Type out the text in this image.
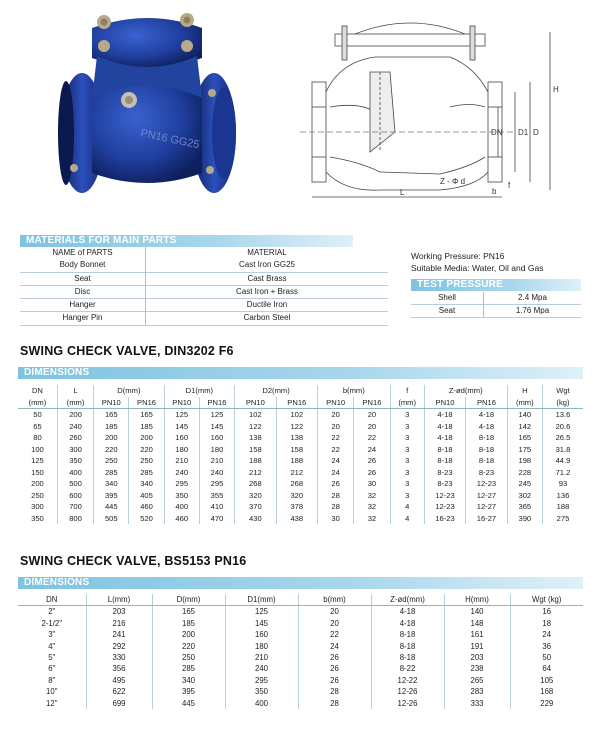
PN16 GG25
L
H
D
D1
DN
Z - Φ d
b
f
MATERIALS FOR MAIN PARTS
NAME of PARTS	MATERIAL
Body Bonnet	Cast Iron GG25
Seat	Cast Brass
Disc	Cast Iron + Brass
Hanger	Ductile Iron
Hanger Pin	Carbon Steel
Working Pressure: PN16
Suitable Media: Water, Oil and Gas
TEST PRESSURE
Shell	2.4 Mpa
Seat	1.76 Mpa
SWING CHECK VALVE, DIN3202 F6
DIMENSIONS
DN	L	D(mm)		D1(mm)		D2(mm)		b(mm)		f	Z-ød(mm)		H	Wgt
(mm)	(mm)	PN10	PN16	PN10	PN16	PN10	PN16	PN10	PN16	(mm)	PN10	PN16	(mm)	(kg)
50	200	165	165	125	125	102	102	20	20	3	4-18	4-18	140	13.6
65	240	185	185	145	145	122	122	20	20	3	4-18	4-18	142	20.6
80	260	200	200	160	160	138	138	22	22	3	4-18	8-18	165	26.5
100	300	220	220	180	180	158	158	22	24	3	8-18	8-18	175	31.8
125	350	250	250	210	210	188	188	24	26	3	8-18	8-18	198	44.9
150	400	285	285	240	240	212	212	24	26	3	8-23	8-23	228	71.2
200	500	340	340	295	295	268	268	26	30	3	8-23	12-23	245	93
250	600	395	405	350	355	320	320	28	32	3	12-23	12-27	302	136
300	700	445	460	400	410	370	378	28	32	4	12-23	12-27	365	188
350	800	505	520	460	470	430	438	30	32	4	16-23	16-27	390	275
SWING CHECK VALVE, BS5153 PN16
DIMENSIONS
DN	L(mm)	D(mm)	D1(mm)	b(mm)	Z-ød(mm)	H(mm)	Wgt (kg)
2"	203	165	125	20	4-18	140	16
2-1/2"	216	185	145	20	4-18	148	18
3"	241	200	160	22	8-18	161	24
4"	292	220	180	24	8-18	191	36
5"	330	250	210	26	8-18	203	50
6"	356	285	240	26	8-22	238	64
8"	495	340	295	26	12-22	265	105
10"	622	395	350	28	12-26	283	168
12"	699	445	400	28	12-26	333	229
